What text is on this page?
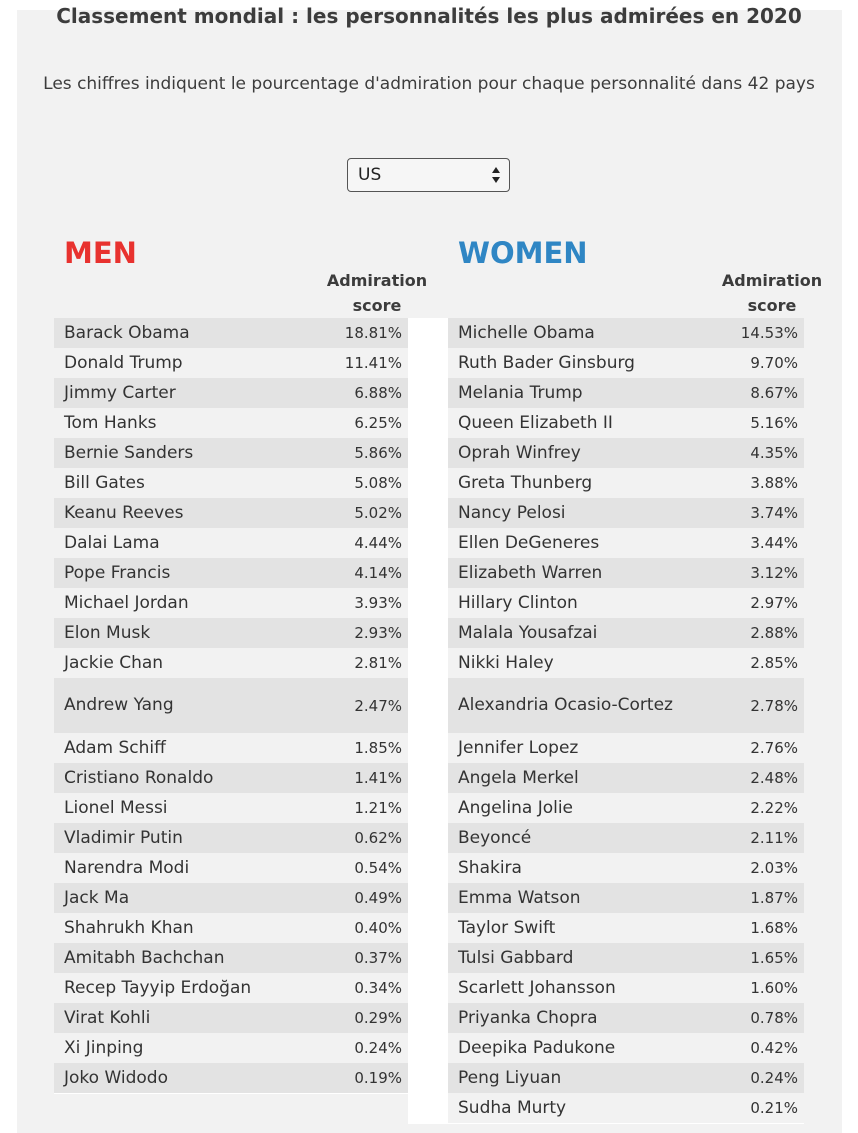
Classement mondial : les personnalités les plus admirées en 2020
Les chiffres indiquent le pourcentage d'admiration pour chaque personnalité dans 42 pays
US
MEN	WOMEN
Admiration score
Admiration score
Barack Obama	18.81%
Donald Trump	11.41%
Jimmy Carter	6.88%
Tom Hanks	6.25%
Bernie Sanders	5.86%
Bill Gates	5.08%
Keanu Reeves	5.02%
Dalai Lama	4.44%
Pope Francis	4.14%
Michael Jordan	3.93%
Elon Musk	2.93%
Jackie Chan	2.81%
Andrew Yang	2.47%
Adam Schiff	1.85%
Cristiano Ronaldo	1.41%
Lionel Messi	1.21%
Vladimir Putin	0.62%
Narendra Modi	0.54%
Jack Ma	0.49%
Shahrukh Khan	0.40%
Amitabh Bachchan	0.37%
Recep Tayyip Erdoğan	0.34%
Virat Kohli	0.29%
Xi Jinping	0.24%
Joko Widodo	0.19%
Michelle Obama	14.53%
Ruth Bader Ginsburg	9.70%
Melania Trump	8.67%
Queen Elizabeth II	5.16%
Oprah Winfrey	4.35%
Greta Thunberg	3.88%
Nancy Pelosi	3.74%
Ellen DeGeneres	3.44%
Elizabeth Warren	3.12%
Hillary Clinton	2.97%
Malala Yousafzai	2.88%
Nikki Haley	2.85%
Alexandria Ocasio-Cortez	2.78%
Jennifer Lopez	2.76%
Angela Merkel	2.48%
Angelina Jolie	2.22%
Beyoncé	2.11%
Shakira	2.03%
Emma Watson	1.87%
Taylor Swift	1.68%
Tulsi Gabbard	1.65%
Scarlett Johansson	1.60%
Priyanka Chopra	0.78%
Deepika Padukone	0.42%
Peng Liyuan	0.24%
Sudha Murty	0.21%
